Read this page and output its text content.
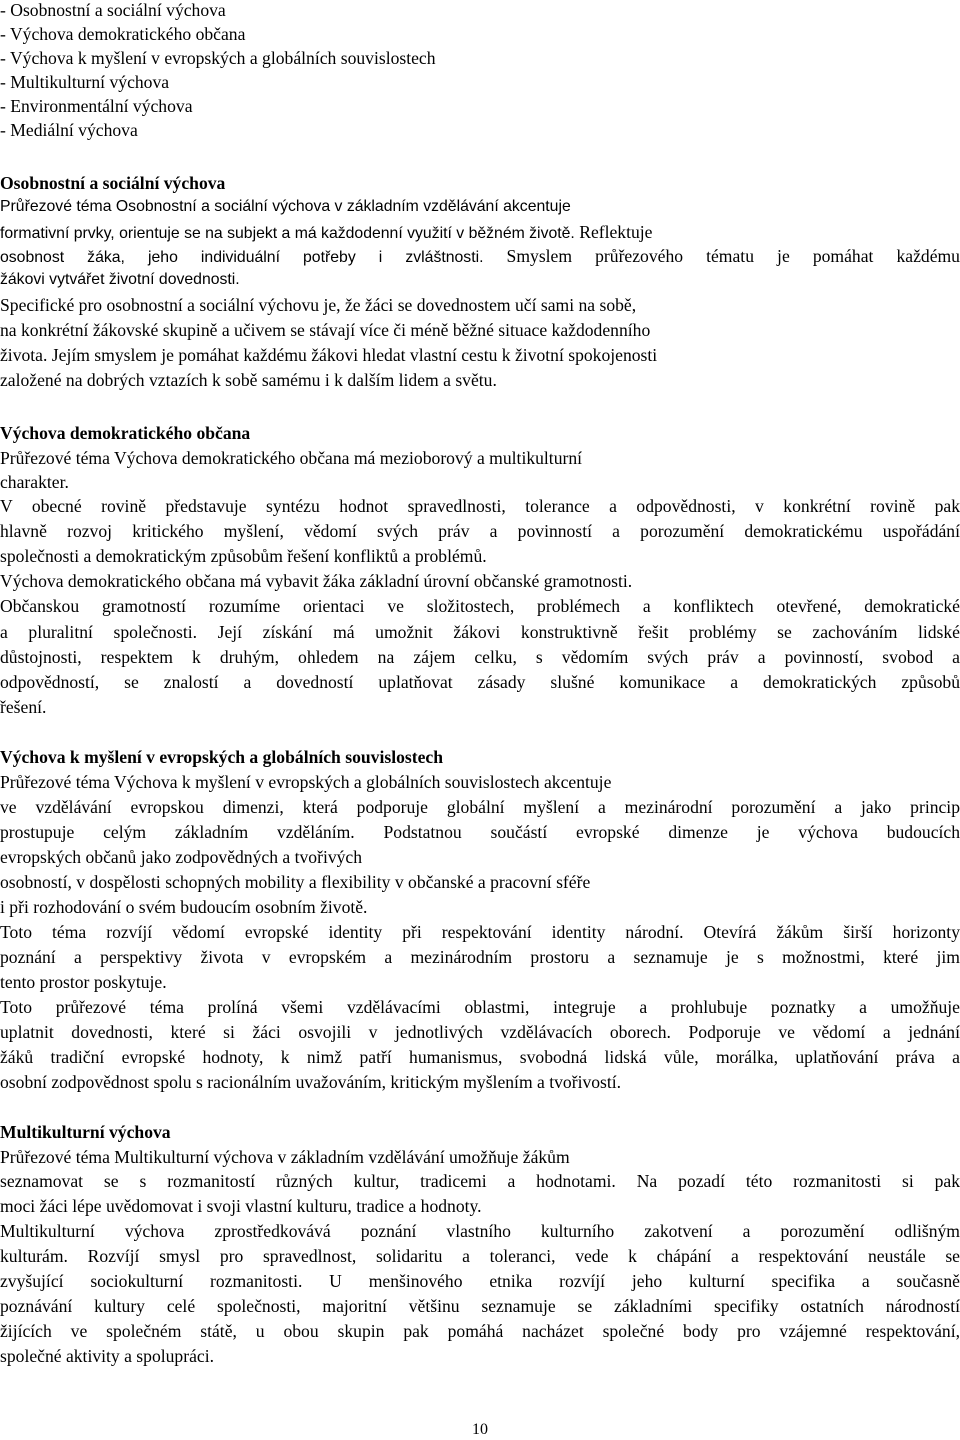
- Osobnostní a sociální výchova

- Výchova demokratického občana

- Výchova k myšlení v evropských a globálních souvislostech

- Multikulturní výchova

- Environmentální výchova

- Mediální výchova

Osobnostní a sociální výchova

Průřezové téma Osobnostní a sociální výchova v základním vzdělávání akcentuje

formativní prvky, orientuje se na subjekt a má každodenní využití v běžném životě. Reflektuje

osobnost žáka, jeho individuální potřeby i zvláštnosti. Smyslem průřezového tématu je pomáhat každému

žákovi vytvářet životní dovednosti.

Specifické pro osobnostní a sociální výchovu je, že žáci se dovednostem učí sami na sobě,

na konkrétní žákovské skupině a učivem se stávají více či méně běžné situace každodenního

života. Jejím smyslem je pomáhat každému žákovi hledat vlastní cestu k životní spokojenosti

založené na dobrých vztazích k sobě samému i k dalším lidem a světu.

Výchova demokratického občana

Průřezové téma Výchova demokratického občana má mezioborový a multikulturní

charakter.

V obecné rovině představuje syntézu hodnot spravedlnosti, tolerance a odpovědnosti, v konkrétní rovině pak

hlavně rozvoj kritického myšlení, vědomí svých práv a povinností a porozumění demokratickému uspořádání

společnosti a demokratickým způsobům řešení konfliktů a problémů.

Výchova demokratického občana má vybavit žáka základní úrovní občanské gramotnosti.

Občanskou gramotností rozumíme orientaci ve složitostech, problémech a konfliktech otevřené, demokratické

a pluralitní společnosti. Její získání má umožnit žákovi konstruktivně řešit problémy se zachováním lidské

důstojnosti, respektem k druhým, ohledem na zájem celku, s vědomím svých práv a povinností, svobod a

odpovědností, se znalostí a dovedností uplatňovat zásady slušné komunikace a demokratických způsobů

řešení.

Výchova k myšlení v evropských a globálních souvislostech

Průřezové téma Výchova k myšlení v evropských a globálních souvislostech akcentuje

ve vzdělávání evropskou dimenzi, která podporuje globální myšlení a mezinárodní porozumění a jako princip

prostupuje celým základním vzděláním. Podstatnou součástí evropské dimenze je výchova budoucích

evropských občanů jako zodpovědných a tvořivých

osobností, v dospělosti schopných mobility a flexibility v občanské a pracovní sféře

i při rozhodování o svém budoucím osobním životě.

Toto téma rozvíjí vědomí evropské identity při respektování identity národní. Otevírá žákům širší horizonty

poznání a perspektivy života v evropském a mezinárodním prostoru a seznamuje je s možnostmi, které jim

tento prostor poskytuje.

Toto průřezové téma prolíná všemi vzdělávacími oblastmi, integruje a prohlubuje poznatky a umožňuje

uplatnit dovednosti, které si žáci osvojili v jednotlivých vzdělávacích oborech. Podporuje ve vědomí a jednání

žáků tradiční evropské hodnoty, k nimž patří humanismus, svobodná lidská vůle, morálka, uplatňování práva a

osobní zodpovědnost spolu s racionálním uvažováním, kritickým myšlením a tvořivostí.

Multikulturní výchova

Průřezové téma Multikulturní výchova v základním vzdělávání umožňuje žákům

seznamovat se s rozmanitostí různých kultur, tradicemi a hodnotami. Na pozadí této rozmanitosti si pak

moci žáci lépe uvědomovat i svoji vlastní kulturu, tradice a hodnoty.

Multikulturní výchova zprostředkovává poznání vlastního kulturního zakotvení a porozumění odlišným

kulturám. Rozvíjí smysl pro spravedlnost, solidaritu a toleranci, vede k chápání a respektování neustále se

zvyšující sociokulturní rozmanitosti. U menšinového etnika rozvíjí jeho kulturní specifika a současně

poznávání kultury celé společnosti, majoritní většinu seznamuje se základními specifiky ostatních národností

žijících ve společném státě, u obou skupin pak pomáhá nacházet společné body pro vzájemné respektování,

společné aktivity a spolupráci.

10
